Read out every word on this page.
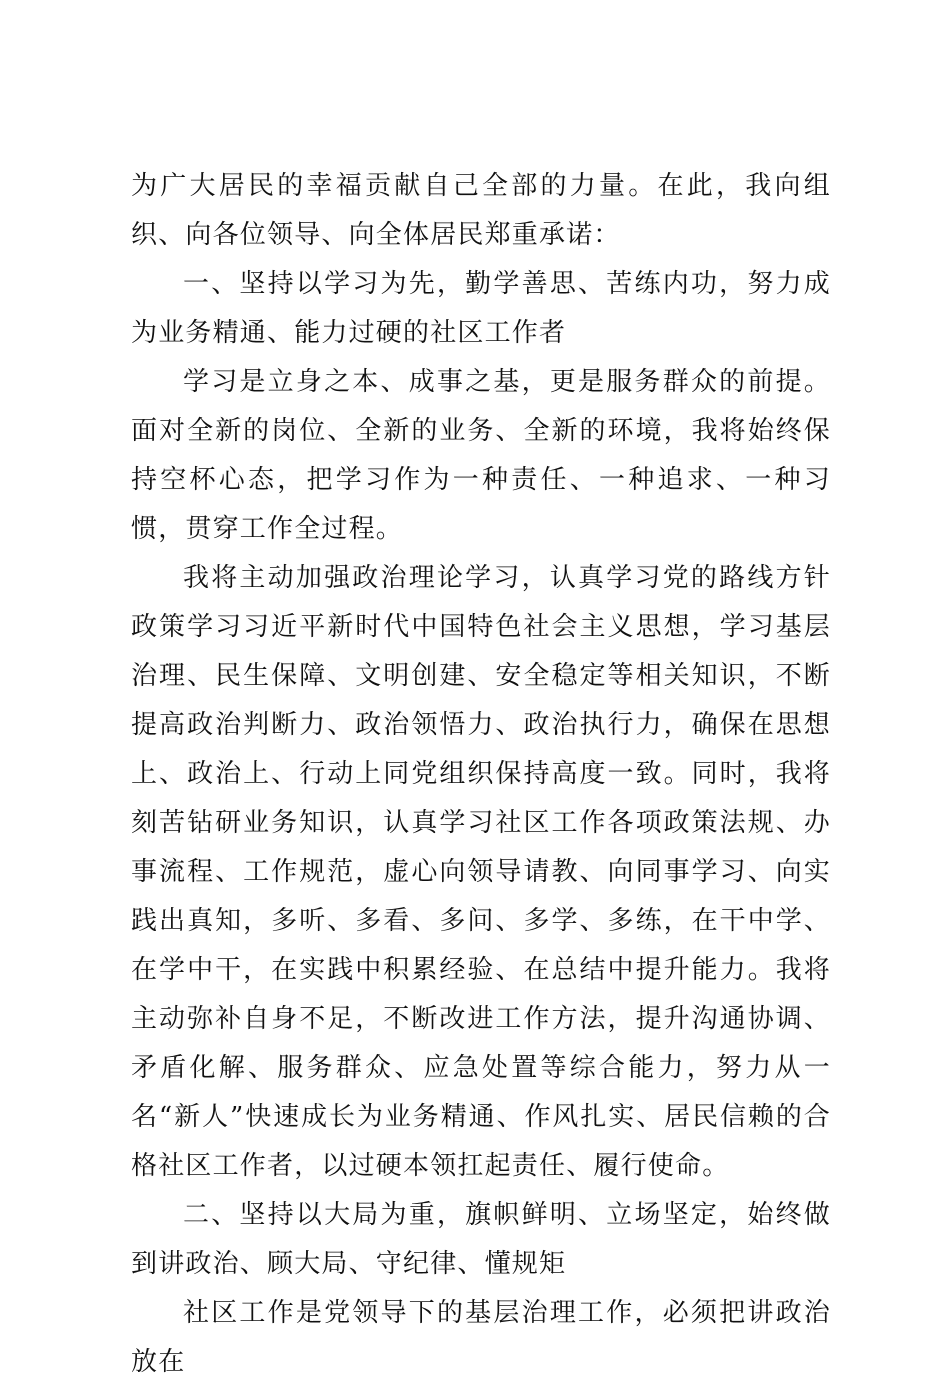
为广大居民的幸福贡献自己全部的力量。在此，我向组织、向各位领导、向全体居民郑重承诺：

一、坚持以学习为先，勤学善思、苦练内功，努力成为业务精通、能力过硬的社区工作者

学习是立身之本、成事之基，更是服务群众的前提。面对全新的岗位、全新的业务、全新的环境，我将始终保持空杯心态，把学习作为一种责任、一种追求、一种习惯，贯穿工作全过程。

我将主动加强政治理论学习，认真学习党的路线方针政策学习习近平新时代中国特色社会主义思想，学习基层治理、民生保障、文明创建、安全稳定等相关知识，不断提高政治判断力、政治领悟力、政治执行力，确保在思想上、政治上、行动上同党组织保持高度一致。同时，我将刻苦钻研业务知识，认真学习社区工作各项政策法规、办事流程、工作规范，虚心向领导请教、向同事学习、向实践出真知，多听、多看、多问、多学、多练，在干中学、在学中干，在实践中积累经验、在总结中提升能力。我将主动弥补自身不足，不断改进工作方法，提升沟通协调、矛盾化解、服务群众、应急处置等综合能力，努力从一名“新人”快速成长为业务精通、作风扎实、居民信赖的合格社区工作者，以过硬本领扛起责任、履行使命。

二、坚持以大局为重，旗帜鲜明、立场坚定，始终做到讲政治、顾大局、守纪律、懂规矩

社区工作是党领导下的基层治理工作，必须把讲政治放在
